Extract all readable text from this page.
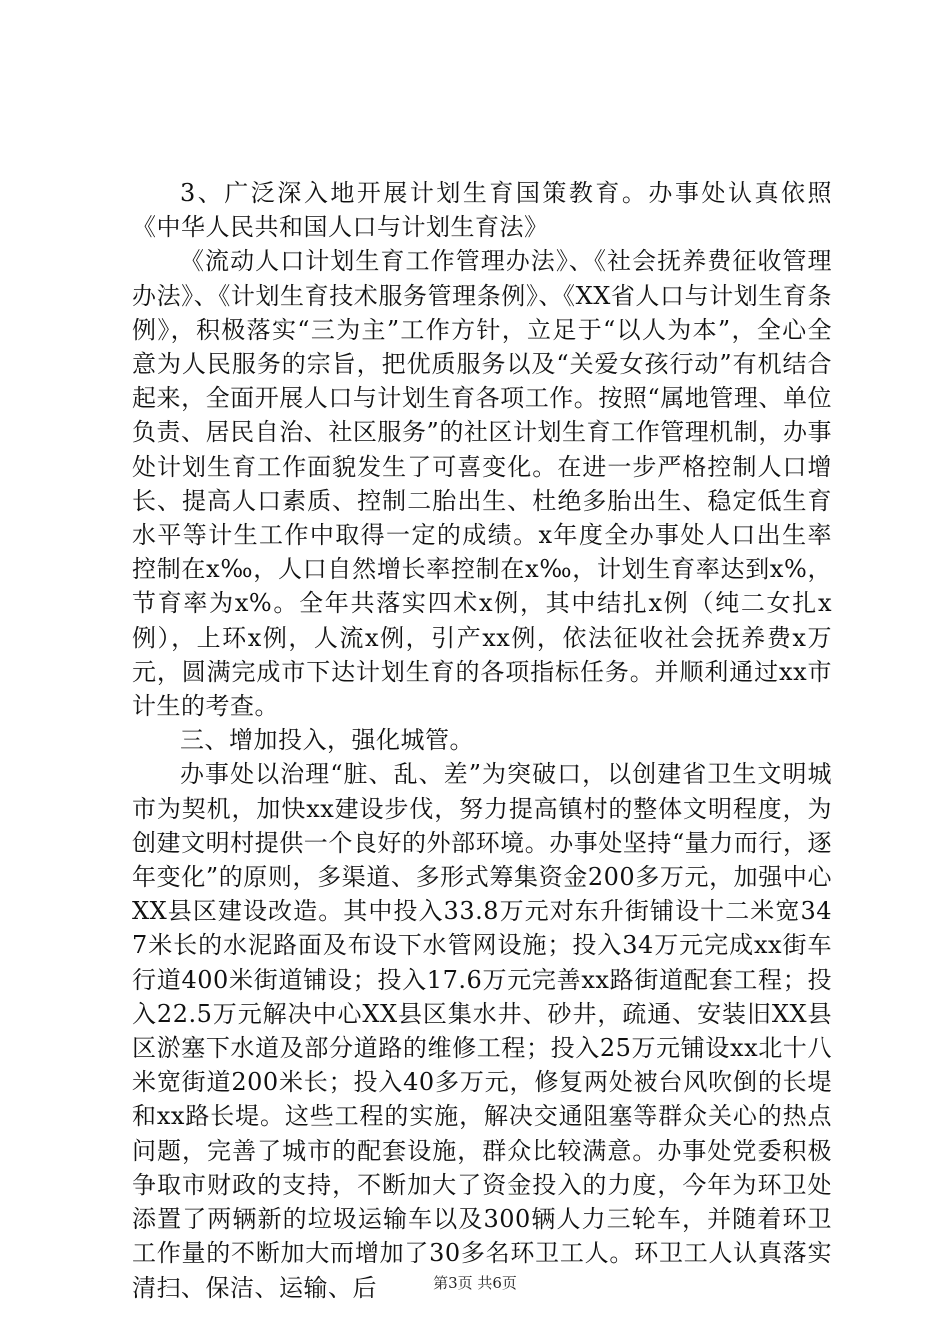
3、广泛深入地开展计划生育国策教育。办事处认真依照《中华人民共和国人口与计划生育法》

《流动人口计划生育工作管理办法》、《社会抚养费征收管理办法》、《计划生育技术服务管理条例》、《XX省人口与计划生育条例》，积极落实“三为主”工作方针，立足于“以人为本”，全心全意为人民服务的宗旨，把优质服务以及“关爱女孩行动”有机结合起来，全面开展人口与计划生育各项工作。按照“属地管理、单位负责、居民自治、社区服务”的社区计划生育工作管理机制，办事处计划生育工作面貌发生了可喜变化。在进一步严格控制人口增长、提高人口素质、控制二胎出生、杜绝多胎出生、稳定低生育水平等计生工作中取得一定的成绩。x年度全办事处人口出生率控制在x‰，人口自然增长率控制在x‰，计划生育率达到x%，节育率为x%。全年共落实四术x例，其中结扎x例（纯二女扎x例），上环x例，人流x例，引产xx例，依法征收社会抚养费x万元，圆满完成市下达计划生育的各项指标任务。并顺利通过xx市计生的考查。

三、增加投入，强化城管。

办事处以治理“脏、乱、差”为突破口，以创建省卫生文明城市为契机，加快xx建设步伐，努力提高镇村的整体文明程度，为创建文明村提供一个良好的外部环境。办事处坚持“量力而行，逐年变化”的原则，多渠道、多形式筹集资金200多万元，加强中心XX县区建设改造。其中投入33.8万元对东升街铺设十二米宽347米长的水泥路面及布设下水管网设施；投入34万元完成xx街车行道400米街道铺设；投入17.6万元完善xx路街道配套工程；投入22.5万元解决中心XX县区集水井、砂井，疏通、安装旧XX县区淤塞下水道及部分道路的维修工程；投入25万元铺设xx北十八米宽街道200米长；投入40多万元，修复两处被台风吹倒的长堤和xx路长堤。这些工程的实施，解决交通阻塞等群众关心的热点问题，完善了城市的配套设施，群众比较满意。办事处党委积极争取市财政的支持，不断加大了资金投入的力度，今年为环卫处添置了两辆新的垃圾运输车以及300辆人力三轮车，并随着环卫工作量的不断加大而增加了30多名环卫工人。环卫工人认真落实清扫、保洁、运输、后	第3页 共6页
